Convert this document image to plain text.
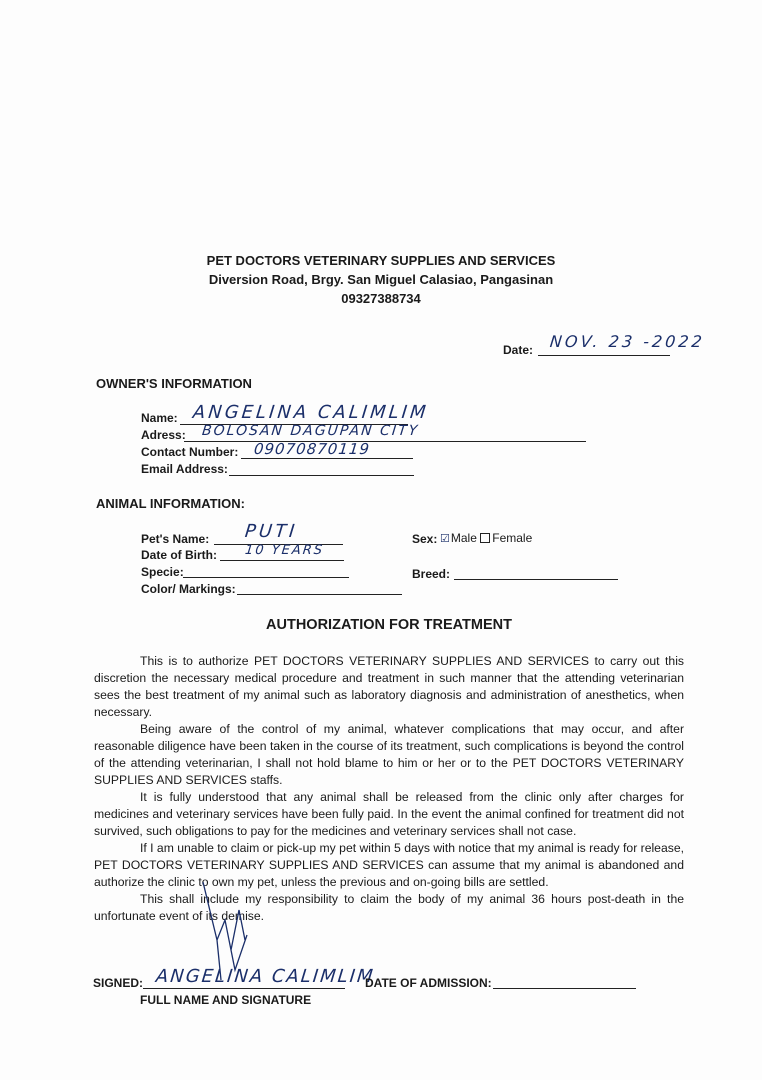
PET DOCTORS VETERINARY SUPPLIES AND SERVICES
Diversion Road, Brgy. San Miguel Calasiao, Pangasinan
09327388734
Date: NOV. 23 -2022
OWNER'S INFORMATION
Name: ANGELINA CALIMLIM
Adress: BOLOSAN DAGUPAN CITY
Contact Number: 09070870119
Email Address:
ANIMAL INFORMATION:
Pet's Name: PUTI
Date of Birth: 10 YEARS
Specie:
Color/ Markings:
Sex: ☑Male Female
Breed:
AUTHORIZATION FOR TREATMENT

This is to authorize PET DOCTORS VETERINARY SUPPLIES AND SERVICES to carry out this discretion the necessary medical procedure and treatment in such manner that the attending veterinarian sees the best treatment of my animal such as laboratory diagnosis and administration of anesthetics, when necessary.

Being aware of the control of my animal, whatever complications that may occur, and after reasonable diligence have been taken in the course of its treatment, such complications is beyond the control of the attending veterinarian, I shall not hold blame to him or her or to the PET DOCTORS VETERINARY SUPPLIES AND SERVICES staffs.

It is fully understood that any animal shall be released from the clinic only after charges for medicines and veterinary services have been fully paid. In the event the animal confined for treatment did not survived, such obligations to pay for the medicines and veterinary services shall not case.

If I am unable to claim or pick-up my pet within 5 days with notice that my animal is ready for release, PET DOCTORS VETERINARY SUPPLIES AND SERVICES can assume that my animal is abandoned and authorize the clinic to own my pet, unless the previous and on-going bills are settled.

This shall include my responsibility to claim the body of my animal 36 hours post-death in the unfortunate event of its demise.

SIGNED: ANGELINA CALIMLIM
FULL NAME AND SIGNATURE
DATE OF ADMISSION:
